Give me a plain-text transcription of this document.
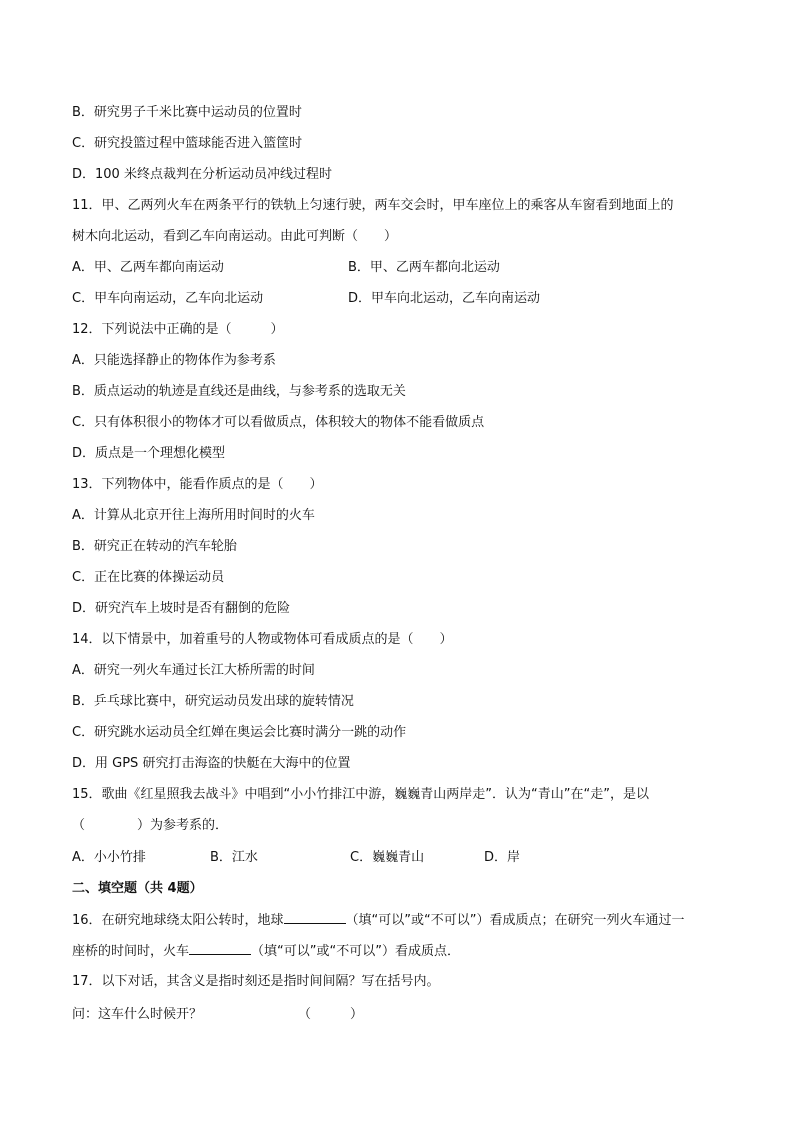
B．研究男子千米比赛中运动员的位置时
C．研究投篮过程中篮球能否进入篮筐时
D．100 米终点裁判在分析运动员冲线过程时
11．甲、乙两列火车在两条平行的铁轨上匀速行驶，两车交会时，甲车座位上的乘客从车窗看到地面上的
树木向北运动，看到乙车向南运动。由此可判断（　　）
A．甲、乙两车都向南运动	B．甲、乙两车都向北运动
C．甲车向南运动，乙车向北运动	D．甲车向北运动，乙车向南运动
12．下列说法中正确的是（　　　）
A．只能选择静止的物体作为参考系
B．质点运动的轨迹是直线还是曲线，与参考系的选取无关
C．只有体积很小的物体才可以看做质点，体积较大的物体不能看做质点
D．质点是一个理想化模型
13．下列物体中，能看作质点的是（　　）
A．计算从北京开往上海所用时间时的火车
B．研究正在转动的汽车轮胎
C．正在比赛的体操运动员
D．研究汽车上坡时是否有翻倒的危险
14．以下情景中，加着重号的人物或物体可看成质点的是（　　）
A．研究一列火车通过长江大桥所需的时间
B．乒乓球比赛中，研究运动员发出球的旋转情况
C．研究跳水运动员全红婵在奥运会比赛时满分一跳的动作
D．用 GPS 研究打击海盗的快艇在大海中的位置
15．歌曲《红星照我去战斗》中唱到“小小竹排江中游，巍巍青山两岸走”．认为“青山”在“走”，是以
（　　　　）为参考系的．
A．小小竹排	B．江水	C．巍巍青山	D．岸
二、填空题（共 4题）
16．在研究地球绕太阳公转时，地球	（填“可以”或“不可以”）看成质点；在研究一列火车通过一
座桥的时间时，火车	（填“可以”或“不可以”）看成质点．
17．以下对话，其含义是指时刻还是指时间间隔？写在括号内。
问：这车什么时候开？	（　　　）
